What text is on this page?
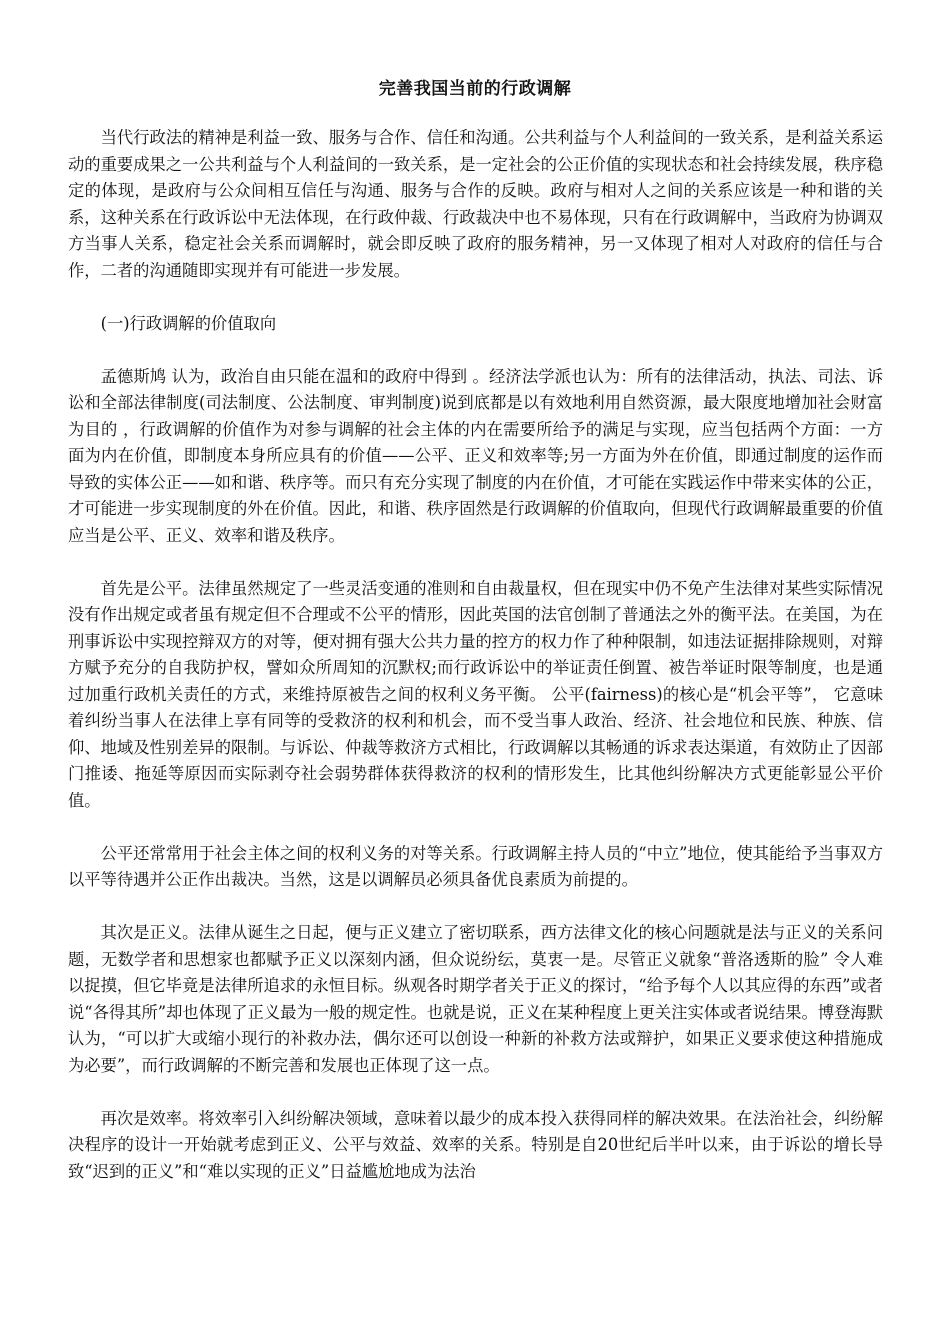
完善我国当前的行政调解

当代行政法的精神是利益一致、服务与合作、信任和沟通。公共利益与个人利益间的一致关系，是利益关系运动的重要成果之一公共利益与个人利益间的一致关系，是一定社会的公正价值的实现状态和社会持续发展，秩序稳定的体现，是政府与公众间相互信任与沟通、服务与合作的反映。政府与相对人之间的关系应该是一种和谐的关系，这种关系在行政诉讼中无法体现，在行政仲裁、行政裁决中也不易体现，只有在行政调解中，当政府为协调双方当事人关系，稳定社会关系而调解时，就会即反映了政府的服务精神，另一又体现了相对人对政府的信任与合作，二者的沟通随即实现并有可能进一步发展。

(一)行政调解的价值取向

孟德斯鸠 认为，政治自由只能在温和的政府中得到 。经济法学派也认为：所有的法律活动，执法、司法、诉讼和全部法律制度(司法制度、公法制度、审判制度)说到底都是以有效地利用自然资源，最大限度地增加社会财富为目的 ，行政调解的价值作为对参与调解的社会主体的内在需要所给予的满足与实现，应当包括两个方面：一方面为内在价值，即制度本身所应具有的价值——公平、正义和效率等;另一方面为外在价值，即通过制度的运作而导致的实体公正——如和谐、秩序等。而只有充分实现了制度的内在价值，才可能在实践运作中带来实体的公正，才可能进一步实现制度的外在价值。因此，和谐、秩序固然是行政调解的价值取向，但现代行政调解最重要的价值应当是公平、正义、效率和谐及秩序。

首先是公平。法律虽然规定了一些灵活变通的准则和自由裁量权，但在现实中仍不免产生法律对某些实际情况没有作出规定或者虽有规定但不合理或不公平的情形，因此英国的法官创制了普通法之外的衡平法。在美国，为在刑事诉讼中实现控辩双方的对等，便对拥有强大公共力量的控方的权力作了种种限制，如违法证据排除规则，对辩方赋予充分的自我防护权，譬如众所周知的沉默权;而行政诉讼中的举证责任倒置、被告举证时限等制度，也是通过加重行政机关责任的方式，来维持原被告之间的权利义务平衡。 公平(fairness)的核心是“机会平等”， 它意味着纠纷当事人在法律上享有同等的受救济的权利和机会，而不受当事人政治、经济、社会地位和民族、种族、信仰、地域及性别差异的限制。与诉讼、仲裁等救济方式相比，行政调解以其畅通的诉求表达渠道，有效防止了因部门推诿、拖延等原因而实际剥夺社会弱势群体获得救济的权利的情形发生，比其他纠纷解决方式更能彰显公平价值。

公平还常常用于社会主体之间的权利义务的对等关系。行政调解主持人员的“中立”地位，使其能给予当事双方以平等待遇并公正作出裁决。当然，这是以调解员必须具备优良素质为前提的。

其次是正义。法律从诞生之日起，便与正义建立了密切联系，西方法律文化的核心问题就是法与正义的关系问题，无数学者和思想家也都赋予正义以深刻内涵，但众说纷纭，莫衷一是。尽管正义就象“普洛透斯的脸” 令人难以捉摸，但它毕竟是法律所追求的永恒目标。纵观各时期学者关于正义的探讨，“给予每个人以其应得的东西”或者说“各得其所”却也体现了正义最为一般的规定性。也就是说，正义在某种程度上更关注实体或者说结果。博登海默认为，“可以扩大或缩小现行的补救办法，偶尔还可以创设一种新的补救方法或辩护，如果正义要求使这种措施成为必要”，而行政调解的不断完善和发展也正体现了这一点。

再次是效率。将效率引入纠纷解决领域，意味着以最少的成本投入获得同样的解决效果。在法治社会，纠纷解决程序的设计一开始就考虑到正义、公平与效益、效率的关系。特别是自20世纪后半叶以来，由于诉讼的增长导致“迟到的正义”和“难以实现的正义”日益尴尬地成为法治
